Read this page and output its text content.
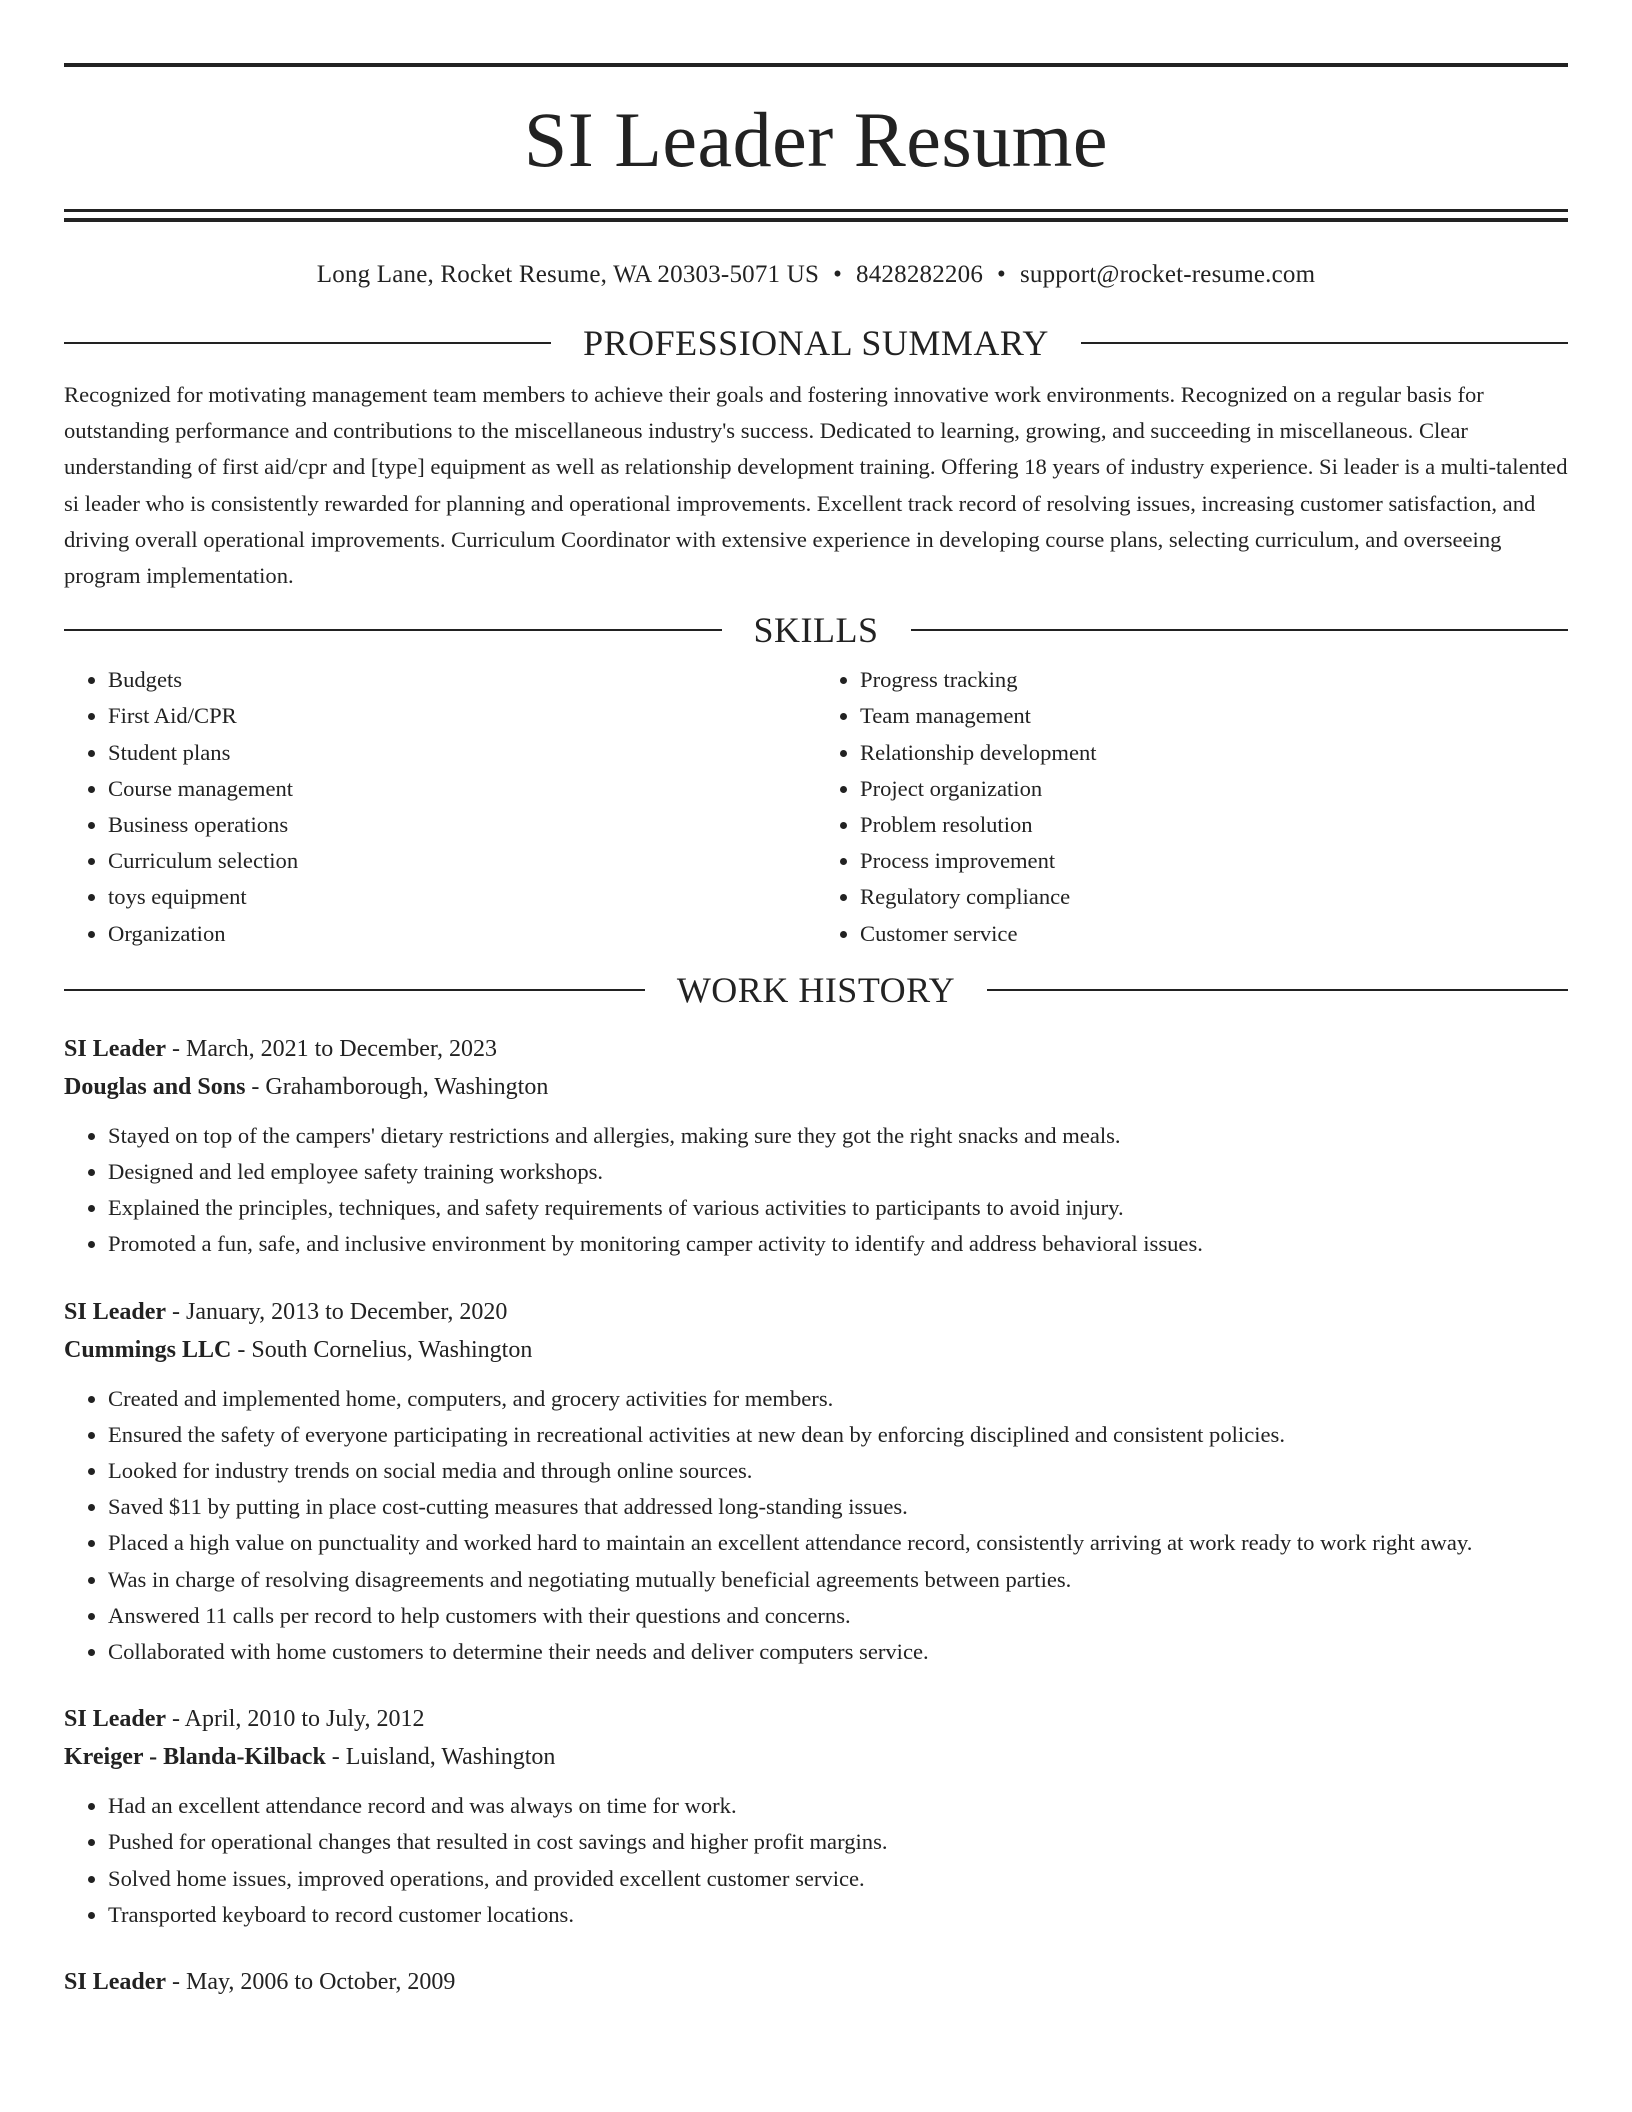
SI Leader Resume
Long Lane, Rocket Resume, WA 20303-5071 US • 8428282206 • support@rocket-resume.com
PROFESSIONAL SUMMARY

Recognized for motivating management team members to achieve their goals and fostering innovative work environments. Recognized on a regular basis for outstanding performance and contributions to the miscellaneous industry's success. Dedicated to learning, growing, and succeeding in miscellaneous. Clear understanding of first aid/cpr and [type] equipment as well as relationship development training. Offering 18 years of industry experience. Si leader is a multi-talented si leader who is consistently rewarded for planning and operational improvements. Excellent track record of resolving issues, increasing customer satisfaction, and driving overall operational improvements. Curriculum Coordinator with extensive experience in developing course plans, selecting curriculum, and overseeing program implementation.

SKILLS
• Budgets
• First Aid/CPR
• Student plans
• Course management
• Business operations
• Curriculum selection
• toys equipment
• Organization
• Progress tracking
• Team management
• Relationship development
• Project organization
• Problem resolution
• Process improvement
• Regulatory compliance
• Customer service
WORK HISTORY
SI Leader - March, 2021 to December, 2023
Douglas and Sons - Grahamborough, Washington
• Stayed on top of the campers' dietary restrictions and allergies, making sure they got the right snacks and meals.
• Designed and led employee safety training workshops.
• Explained the principles, techniques, and safety requirements of various activities to participants to avoid injury.
• Promoted a fun, safe, and inclusive environment by monitoring camper activity to identify and address behavioral issues.
SI Leader - January, 2013 to December, 2020
Cummings LLC - South Cornelius, Washington
• Created and implemented home, computers, and grocery activities for members.
• Ensured the safety of everyone participating in recreational activities at new dean by enforcing disciplined and consistent policies.
• Looked for industry trends on social media and through online sources.
• Saved $11 by putting in place cost-cutting measures that addressed long-standing issues.
• Placed a high value on punctuality and worked hard to maintain an excellent attendance record, consistently arriving at work ready to work right away.
• Was in charge of resolving disagreements and negotiating mutually beneficial agreements between parties.
• Answered 11 calls per record to help customers with their questions and concerns.
• Collaborated with home customers to determine their needs and deliver computers service.
SI Leader - April, 2010 to July, 2012
Kreiger - Blanda-Kilback - Luisland, Washington
• Had an excellent attendance record and was always on time for work.
• Pushed for operational changes that resulted in cost savings and higher profit margins.
• Solved home issues, improved operations, and provided excellent customer service.
• Transported keyboard to record customer locations.
SI Leader - May, 2006 to October, 2009
